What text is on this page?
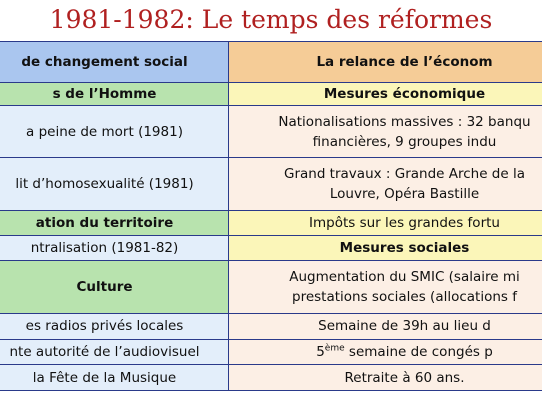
1981-1982: Le temps des réformes
de changement social	La relance de l’économ
s de l’Homme	Mesures économique
a peine de mort (1981)	Nationalisations massives : 32 banqu
financières, 9 groupes indu

lit d’homosexualité (1981)	Grand travaux : Grande Arche de la
Louvre, Opéra Bastille

ation du territoire	Impôts sur les grandes fortu
ntralisation (1981-82)	Mesures sociales
Culture	Augmentation du SMIC (salaire mi
prestations sociales (allocations f

es radios privés locales	Semaine de 39h au lieu d
nte autorité de l’audiovisuel	5ème semaine de congés p
la Fête de la Musique	Retraite à 60 ans.
